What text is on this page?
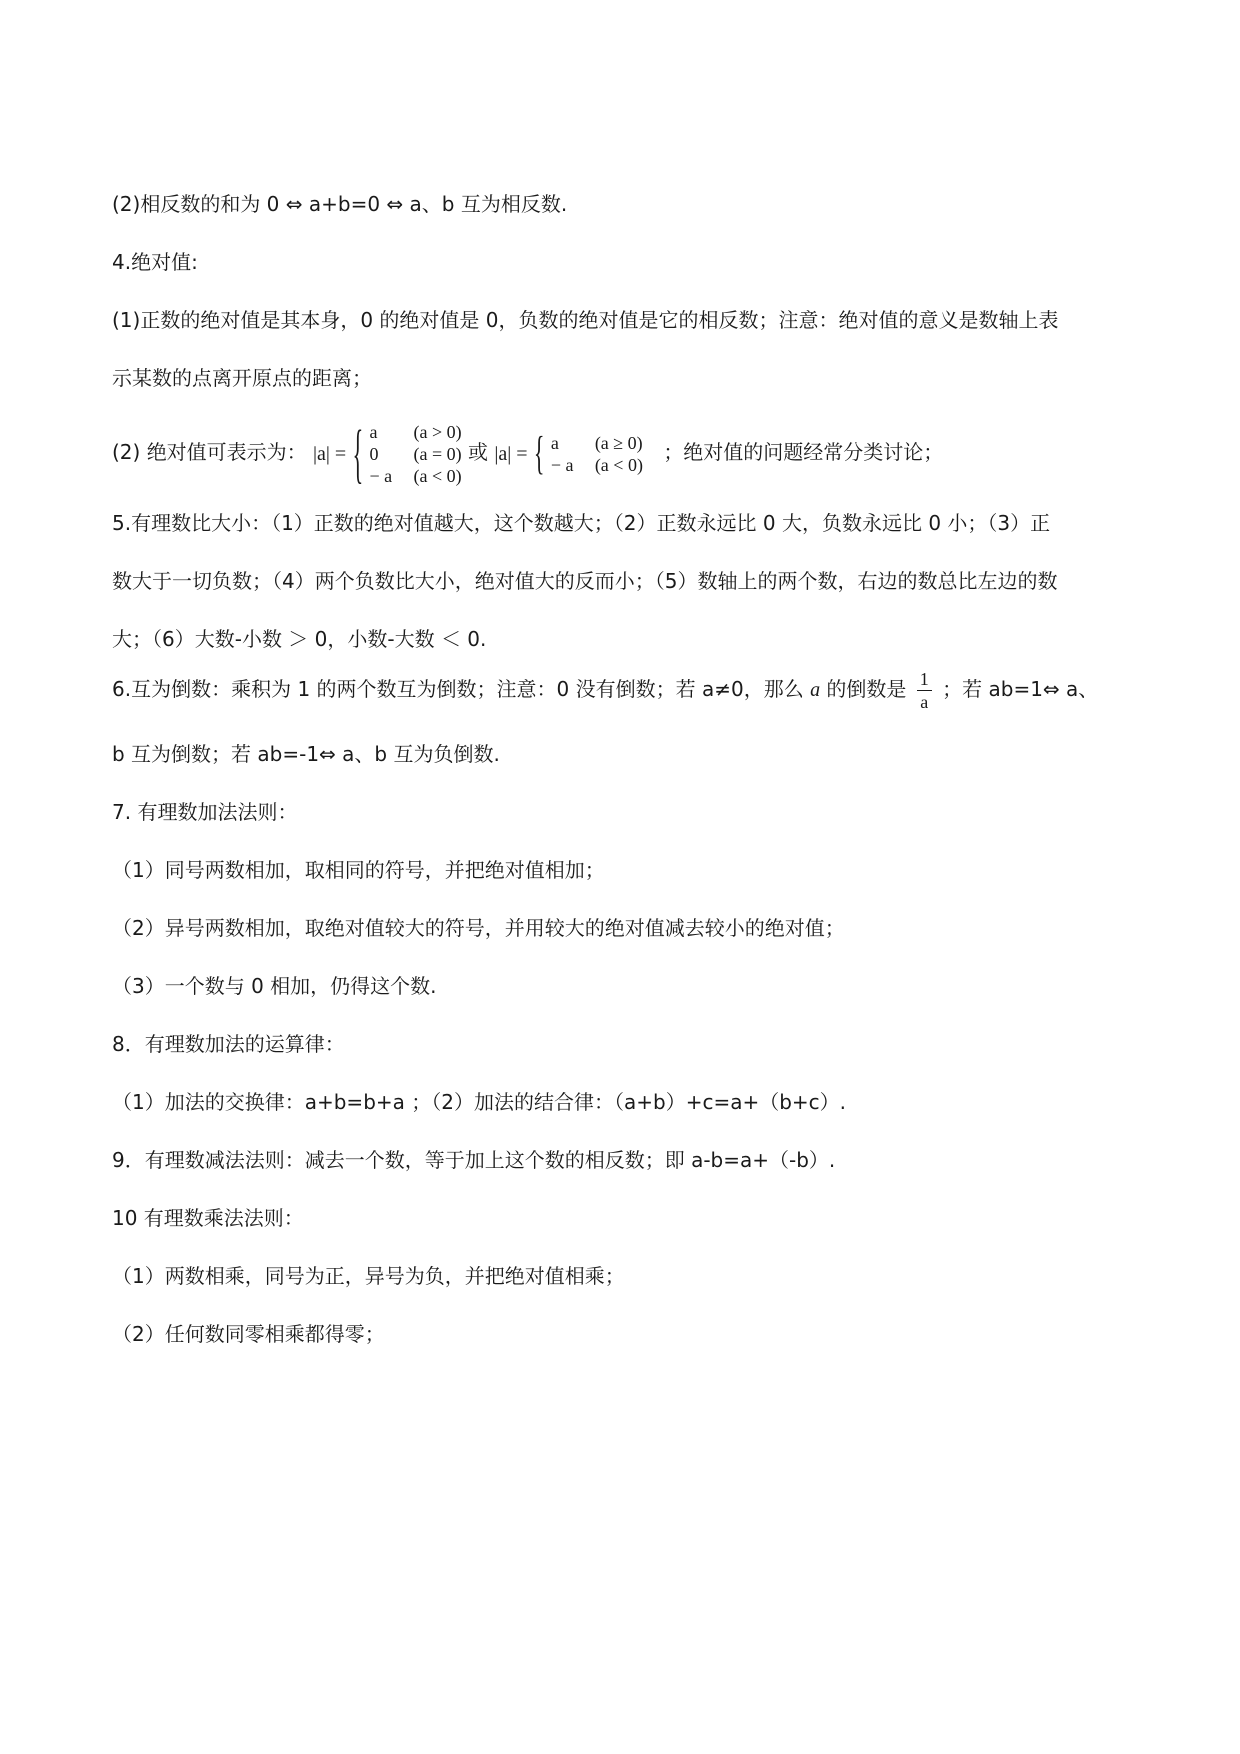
(2)相反数的和为 0 ⇔ a+b=0 ⇔ a、b 互为相反数.
4.绝对值:
(1)正数的绝对值是其本身，0 的绝对值是 0，负数的绝对值是它的相反数；注意：绝对值的意义是数轴上表
示某数的点离开原点的距离；
(2) 绝对值可表示为： |a| = { a (a > 0)
0 (a = 0)
− a (a < 0)
或 |a| = { a (a ≥ 0)
− a (a < 0)
；绝对值的问题经常分类讨论；
5.有理数比大小：（1）正数的绝对值越大，这个数越大；（2）正数永远比 0 大，负数永远比 0 小；（3）正
数大于一切负数；（4）两个负数比大小，绝对值大的反而小；（5）数轴上的两个数，右边的数总比左边的数
大；（6）大数-小数 ＞ 0，小数-大数 ＜ 0.
6.互为倒数：乘积为 1 的两个数互为倒数；注意：0 没有倒数；若 a≠0，那么 a 的倒数是 $\frac{1}{a}$ ；若 ab=1⇔ a、
b 互为倒数；若 ab=-1⇔ a、b 互为负倒数.
7. 有理数加法法则：
（1）同号两数相加，取相同的符号，并把绝对值相加；
（2）异号两数相加，取绝对值较大的符号，并用较大的绝对值减去较小的绝对值；
（3）一个数与 0 相加，仍得这个数.
8．有理数加法的运算律：
（1）加法的交换律：a+b=b+a ；（2）加法的结合律：（a+b）+c=a+（b+c）.
9．有理数减法法则：减去一个数，等于加上这个数的相反数；即 a-b=a+（-b）.
10 有理数乘法法则：
（1）两数相乘，同号为正，异号为负，并把绝对值相乘；
（2）任何数同零相乘都得零；
